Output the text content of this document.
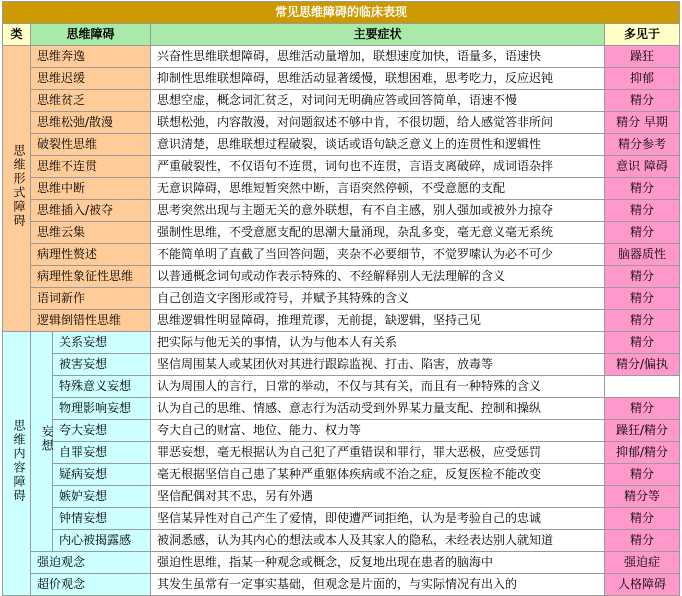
常见思维障碍的临床表现				
类	思维障碍		主要症状	多见于
思维形式障碍	思维奔逸		兴奋性思维联想障碍，思维活动量增加，联想速度加快，语量多，语速快	躁狂
	思维迟缓		抑制性思维联想障碍，思维活动显著缓慢，联想困难，思考吃力，反应迟钝	抑郁
	思维贫乏		思想空虚，概念词汇贫乏，对词问无明确应答或回答简单，语速不慢	精分
	思维松弛/散漫		联想松弛，内容散漫，对问题叙述不够中肯，不很切题，给人感觉答非所问	精分 早期
	破裂性思维		意识清楚，思维联想过程破裂，谈话或语句缺乏意义上的连贯性和逻辑性	精分参考
	思维不连贯		严重破裂性，不仅语句不连贯，词句也不连贯，言语支离破碎，成词语杂拌	意识 障碍
	思维中断		无意识障碍，思维短暂突然中断，言语突然停顿，不受意愿的支配	精分
	思维插入/被夺		思考突然出现与主题无关的意外联想，有不自主感，别人强加或被外力掠夺	精分
	思维云集		强制性思维，不受意愿支配的思潮大量涌现，杂乱多变，毫无意义毫无系统	精分
	病理性赘述		不能简单明了直截了当回答问题，夹杂不必要细节，不觉罗嗦认为必不可少	脑器质性
	病理性象征性思维		以普通概念词句或动作表示特殊的、不经解释别人无法理解的含义	精分
	语词新作		自己创造文字图形或符号，并赋予其特殊的含义	精分
	逻辑倒错性思维		思维逻辑性明显障碍，推理荒谬，无前提，缺逻辑，坚持己见	精分
思维内容障碍	妄想	关系妄想	把实际与他无关的事情，认为与他本人有关系	精分
		被害妄想	坚信周围某人或某团伙对其进行跟踪监视、打击、陷害，放毒等	精分/偏执
		特殊意义妄想	认为周围人的言行，日常的举动，不仅与其有关，而且有一种特殊的含义	
		物理影响妄想	认为自己的思维、情感、意志行为活动受到外界某力量支配、控制和操纵	精分
		夸大妄想	夸大自己的财富、地位、能力、权力等	躁狂/精分
		自罪妄想	罪恶妄想，毫无根据认为自己犯了严重错误和罪行，罪大恶极，应受惩罚	抑郁/精分
		疑病妄想	毫无根据坚信自己患了某种严重躯体疾病或不治之症，反复医检不能改变	精分
		嫉妒妄想	坚信配偶对其不忠，另有外遇	精分等
		钟情妄想	坚信某异性对自己产生了爱情，即使遭严词拒绝，认为是考验自己的忠诚	精分
		内心被揭露感	被洞悉感，认为其内心的想法或本人及其家人的隐私，未经表达别人就知道	精分
	强迫观念		强迫性思维，指某一种观念或概念，反复地出现在患者的脑海中	强迫症
	超价观念		其发生虽常有一定事实基础，但观念是片面的，与实际情况有出入的	人格障碍
